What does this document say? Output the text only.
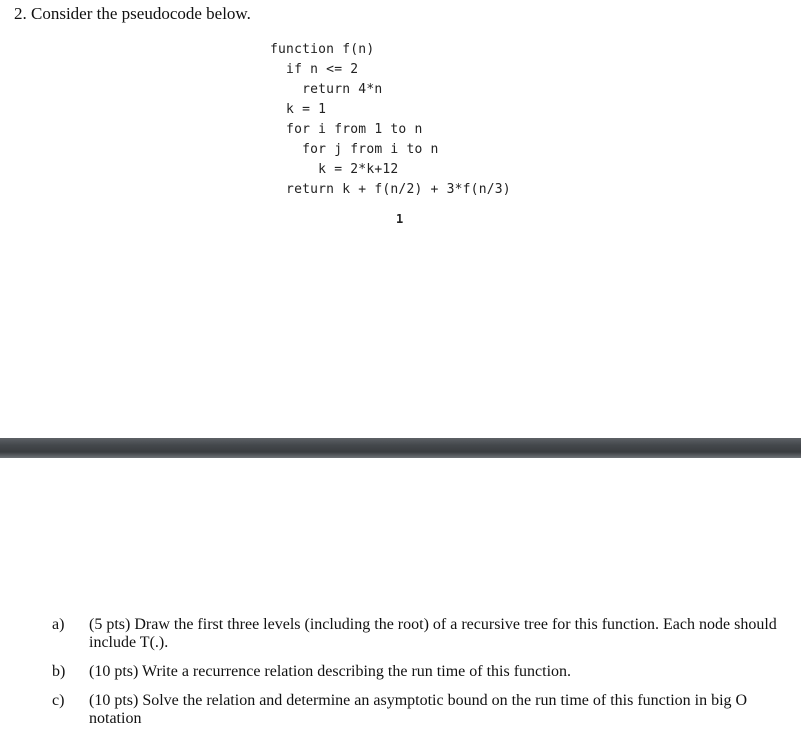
2. Consider the pseudocode below.
function f(n)
if n <= 2
return 4*n
k = 1
for i from 1 to n
for j from i to n
k = 2*k+12
return k + f(n/2) + 3*f(n/3)
1
a)	(5 pts) Draw the first three levels (including the root) of a recursive tree for this function. Each node should include T(.).
b)	(10 pts) Write a recurrence relation describing the run time of this function.
c)	(10 pts) Solve the relation and determine an asymptotic bound on the run time of this function in big O notation
